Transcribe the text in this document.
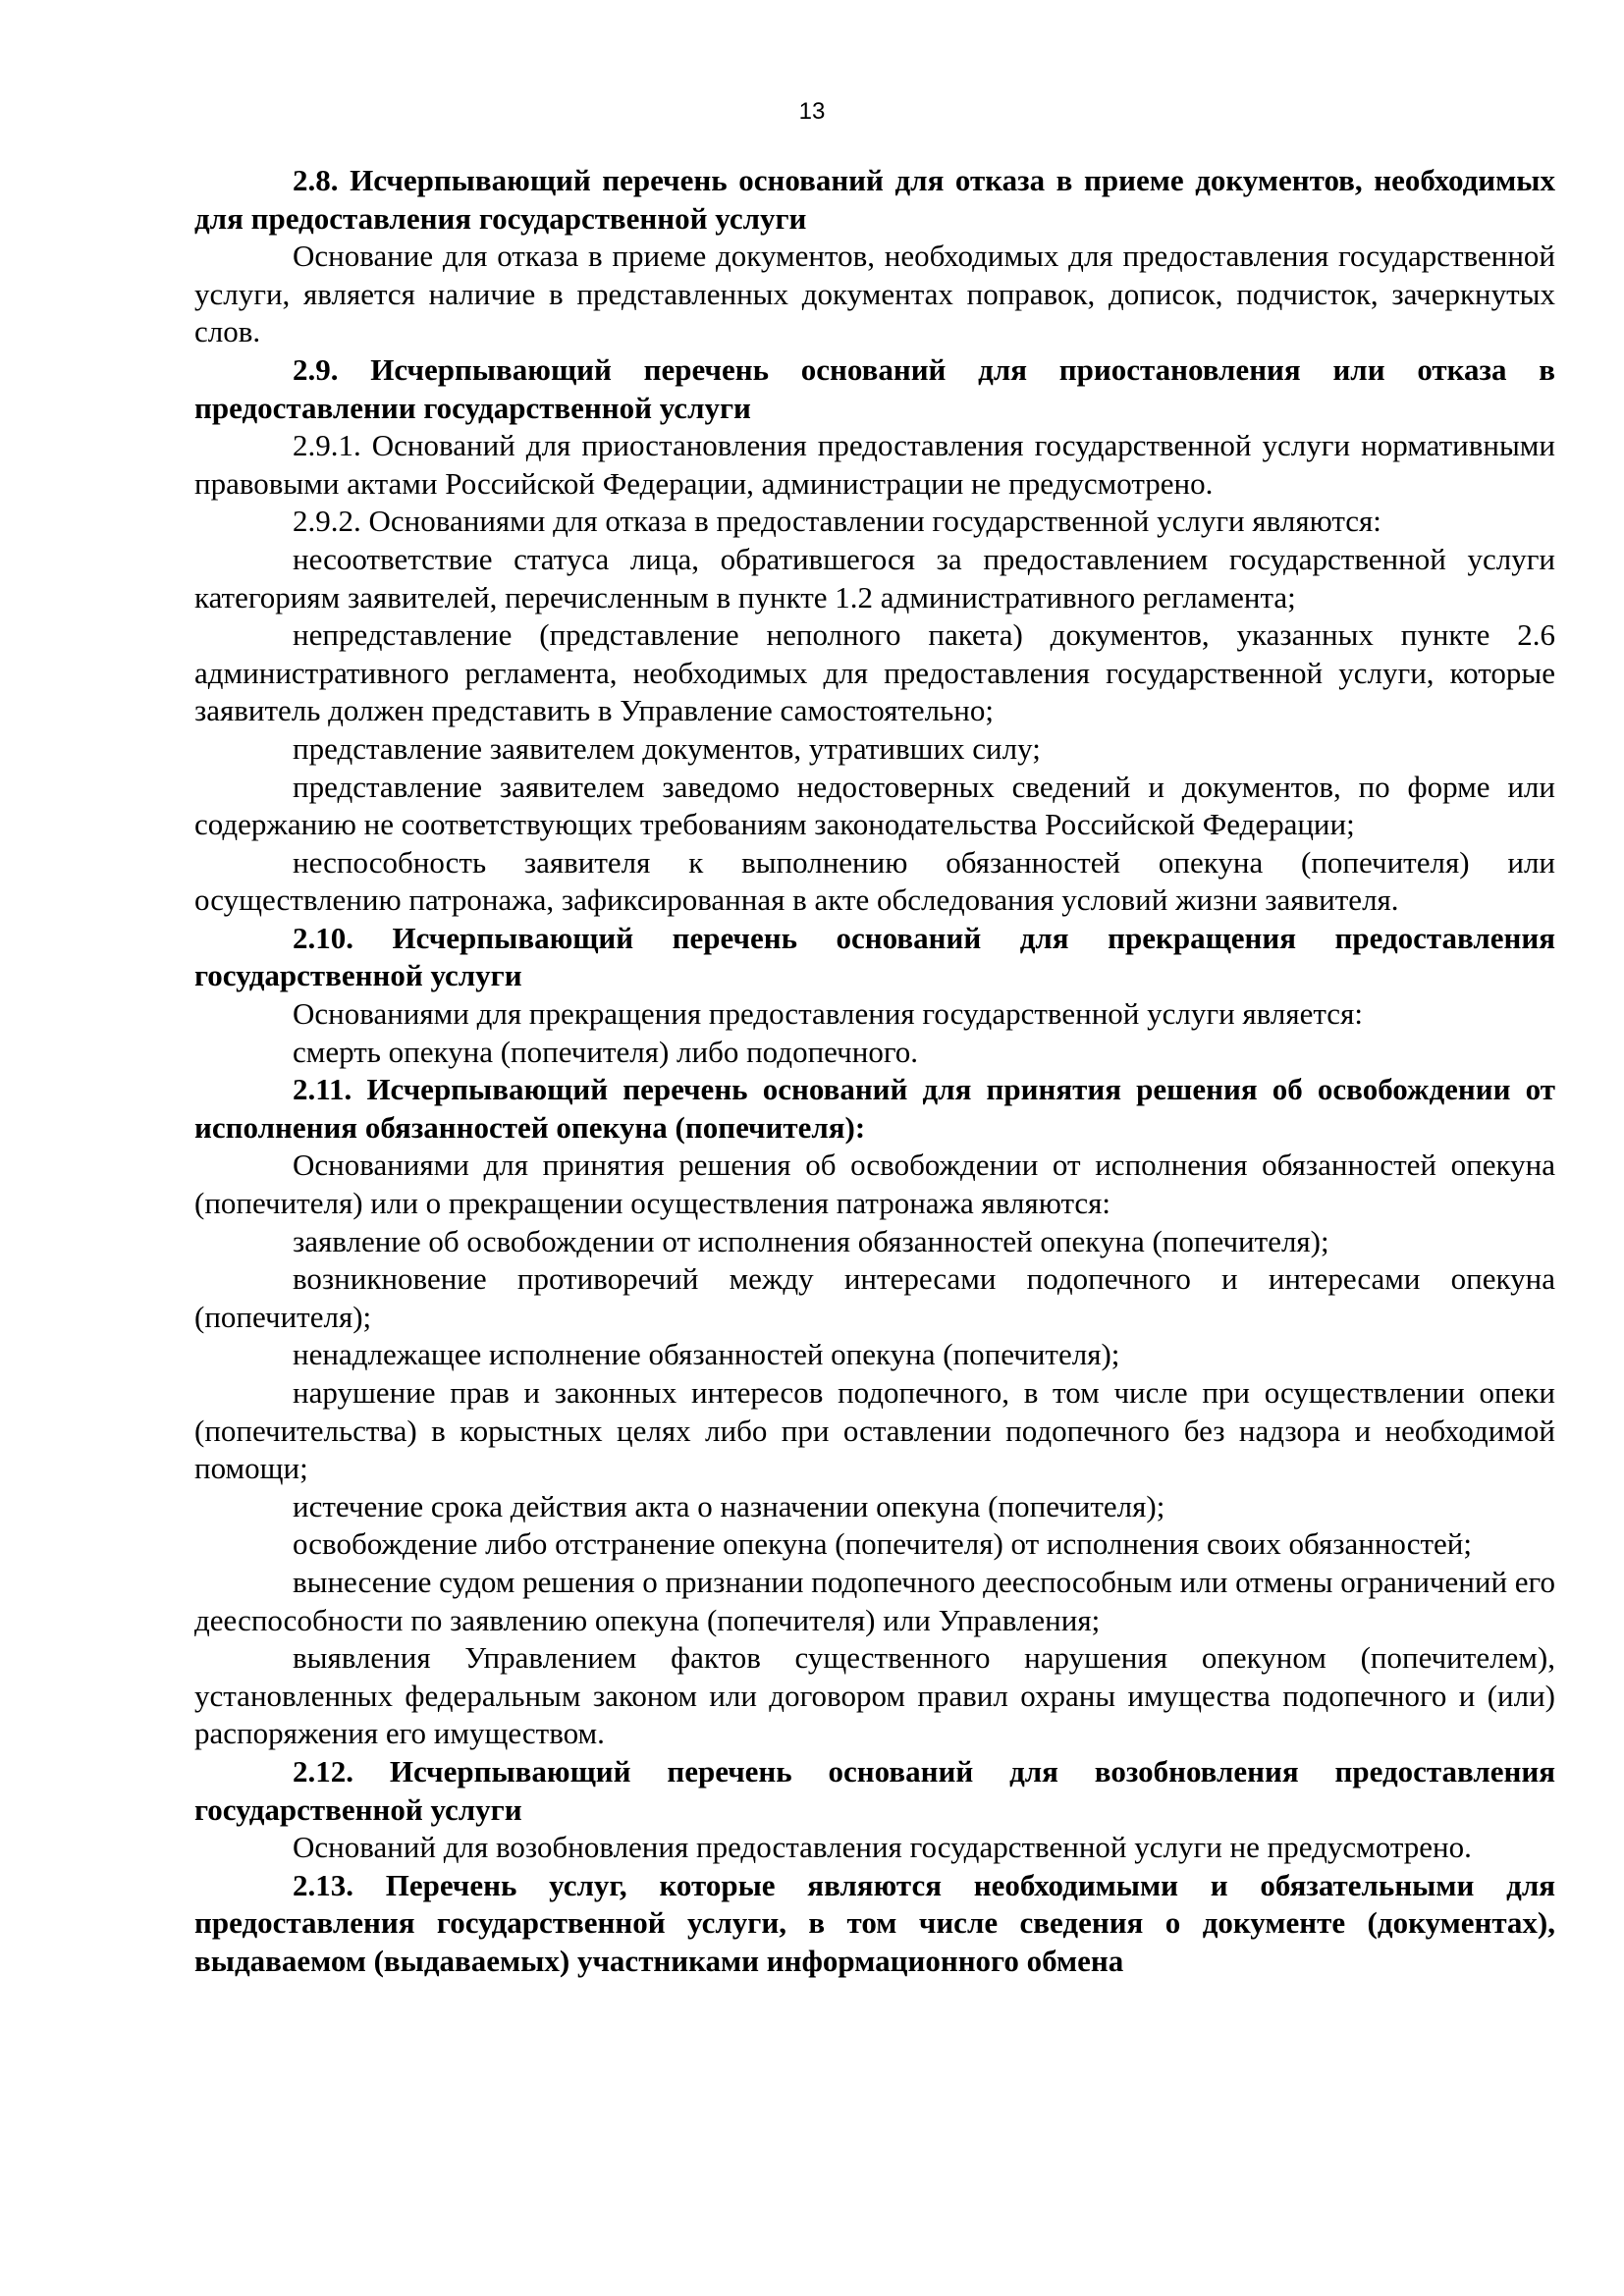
13

2.8. Исчерпывающий перечень оснований для отказа в приеме документов, необходимых для предоставления государственной услуги

Основание для отказа в приеме документов, необходимых для предоставления государственной услуги, является наличие в представленных документах поправок, дописок, подчисток, зачеркнутых слов.

2.9. Исчерпывающий перечень оснований для приостановления или отказа в предоставлении государственной услуги

2.9.1. Оснований для приостановления предоставления государственной услуги нормативными правовыми актами Российской Федерации, администрации не предусмотрено.

2.9.2. Основаниями для отказа в предоставлении государственной услуги являются:

несоответствие статуса лица, обратившегося за предоставлением государственной услуги категориям заявителей, перечисленным в пункте 1.2 административного регламента;

непредставление (представление неполного пакета) документов, указанных пункте 2.6 административного регламента, необходимых для предоставления государственной услуги, которые заявитель должен представить в Управление самостоятельно;

представление заявителем документов, утративших силу;

представление заявителем заведомо недостоверных сведений и документов, по форме или содержанию не соответствующих требованиям законодательства Российской Федерации;

неспособность заявителя к выполнению обязанностей опекуна (попечителя) или осуществлению патронажа, зафиксированная в акте обследования условий жизни заявителя.

2.10. Исчерпывающий перечень оснований для прекращения предоставления государственной услуги

Основаниями для прекращения предоставления государственной услуги является:

смерть опекуна (попечителя) либо подопечного.

2.11. Исчерпывающий перечень оснований для принятия решения об освобождении от исполнения обязанностей опекуна (попечителя):

Основаниями для принятия решения об освобождении от исполнения обязанностей опекуна (попечителя) или о прекращении осуществления патронажа являются:

заявление об освобождении от исполнения обязанностей опекуна (попечителя);

возникновение противоречий между интересами подопечного и интересами опекуна (попечителя);

ненадлежащее исполнение обязанностей опекуна (попечителя);

нарушение прав и законных интересов подопечного, в том числе при осуществлении опеки (попечительства) в корыстных целях либо при оставлении подопечного без надзора и необходимой помощи;

истечение срока действия акта о назначении опекуна (попечителя);

освобождение либо отстранение опекуна (попечителя) от исполнения своих обязанностей;

вынесение судом решения о признании подопечного дееспособным или отмены ограничений его дееспособности по заявлению опекуна (попечителя) или Управления;

выявления Управлением фактов существенного нарушения опекуном (попечителем), установленных федеральным законом или договором правил охраны имущества подопечного и (или) распоряжения его имуществом.

2.12. Исчерпывающий перечень оснований для возобновления предоставления государственной услуги

Оснований для возобновления предоставления государственной услуги не предусмотрено.

2.13. Перечень услуг, которые являются необходимыми и обязательными для предоставления государственной услуги, в том числе сведения о документе (документах), выдаваемом (выдаваемых) участниками информационного обмена
